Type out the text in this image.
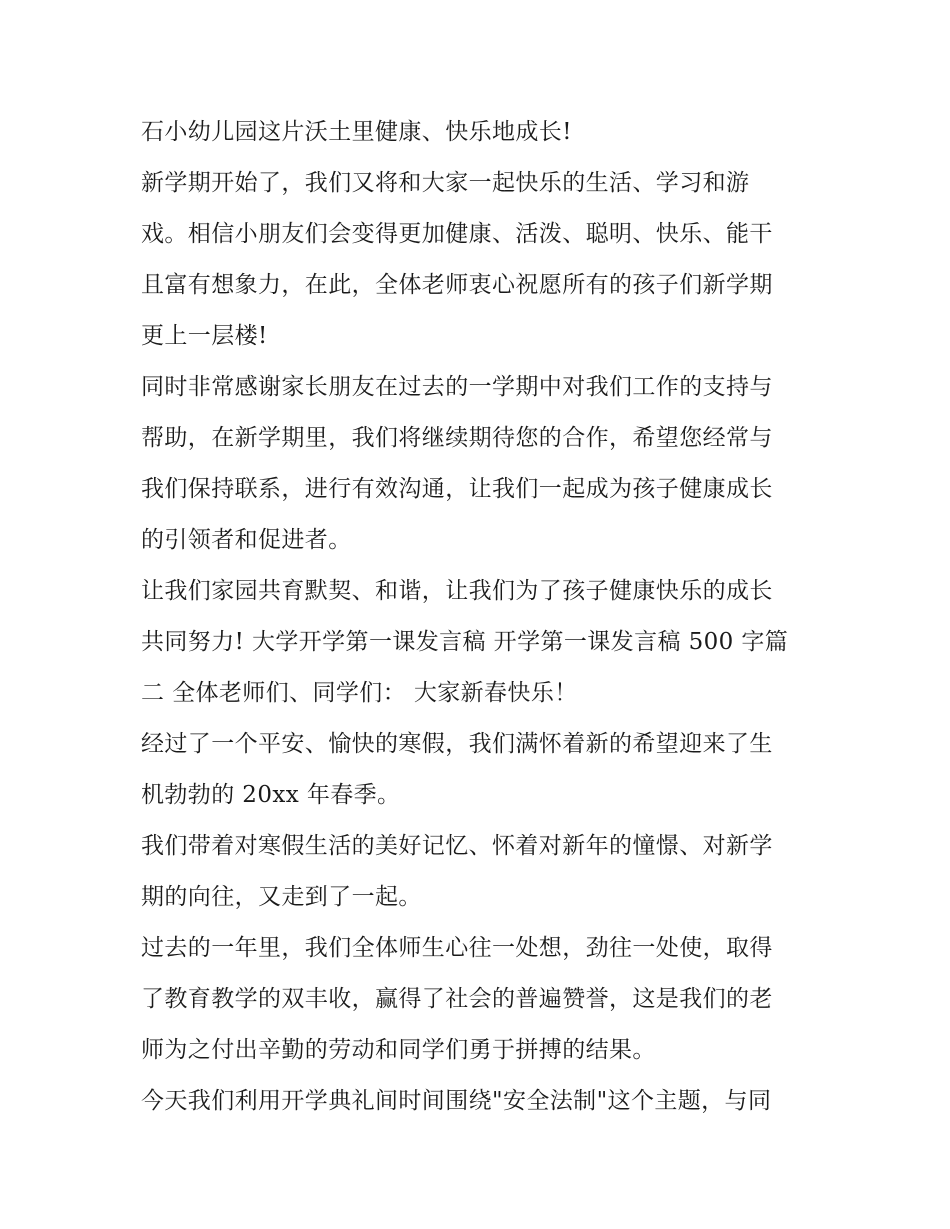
石小幼儿园这片沃土里健康、快乐地成长!
新学期开始了，我们又将和大家一起快乐的生活、学习和游
戏。相信小朋友们会变得更加健康、活泼、聪明、快乐、能干
且富有想象力，在此，全体老师衷心祝愿所有的孩子们新学期
更上一层楼!
同时非常感谢家长朋友在过去的一学期中对我们工作的支持与
帮助，在新学期里，我们将继续期待您的合作，希望您经常与
我们保持联系，进行有效沟通，让我们一起成为孩子健康成长
的引领者和促进者。
让我们家园共育默契、和谐，让我们为了孩子健康快乐的成长
共同努力! 大学开学第一课发言稿 开学第一课发言稿 500 字篇
二 全体老师们、同学们： 大家新春快乐！
经过了一个平安、愉快的寒假，我们满怀着新的希望迎来了生
机勃勃的 20xx 年春季。
我们带着对寒假生活的美好记忆、怀着对新年的憧憬、对新学
期的向往，又走到了一起。
过去的一年里，我们全体师生心往一处想，劲往一处使，取得
了教育教学的双丰收，赢得了社会的普遍赞誉，这是我们的老
师为之付出辛勤的劳动和同学们勇于拼搏的结果。
今天我们利用开学典礼间时间围绕"安全法制"这个主题，与同
